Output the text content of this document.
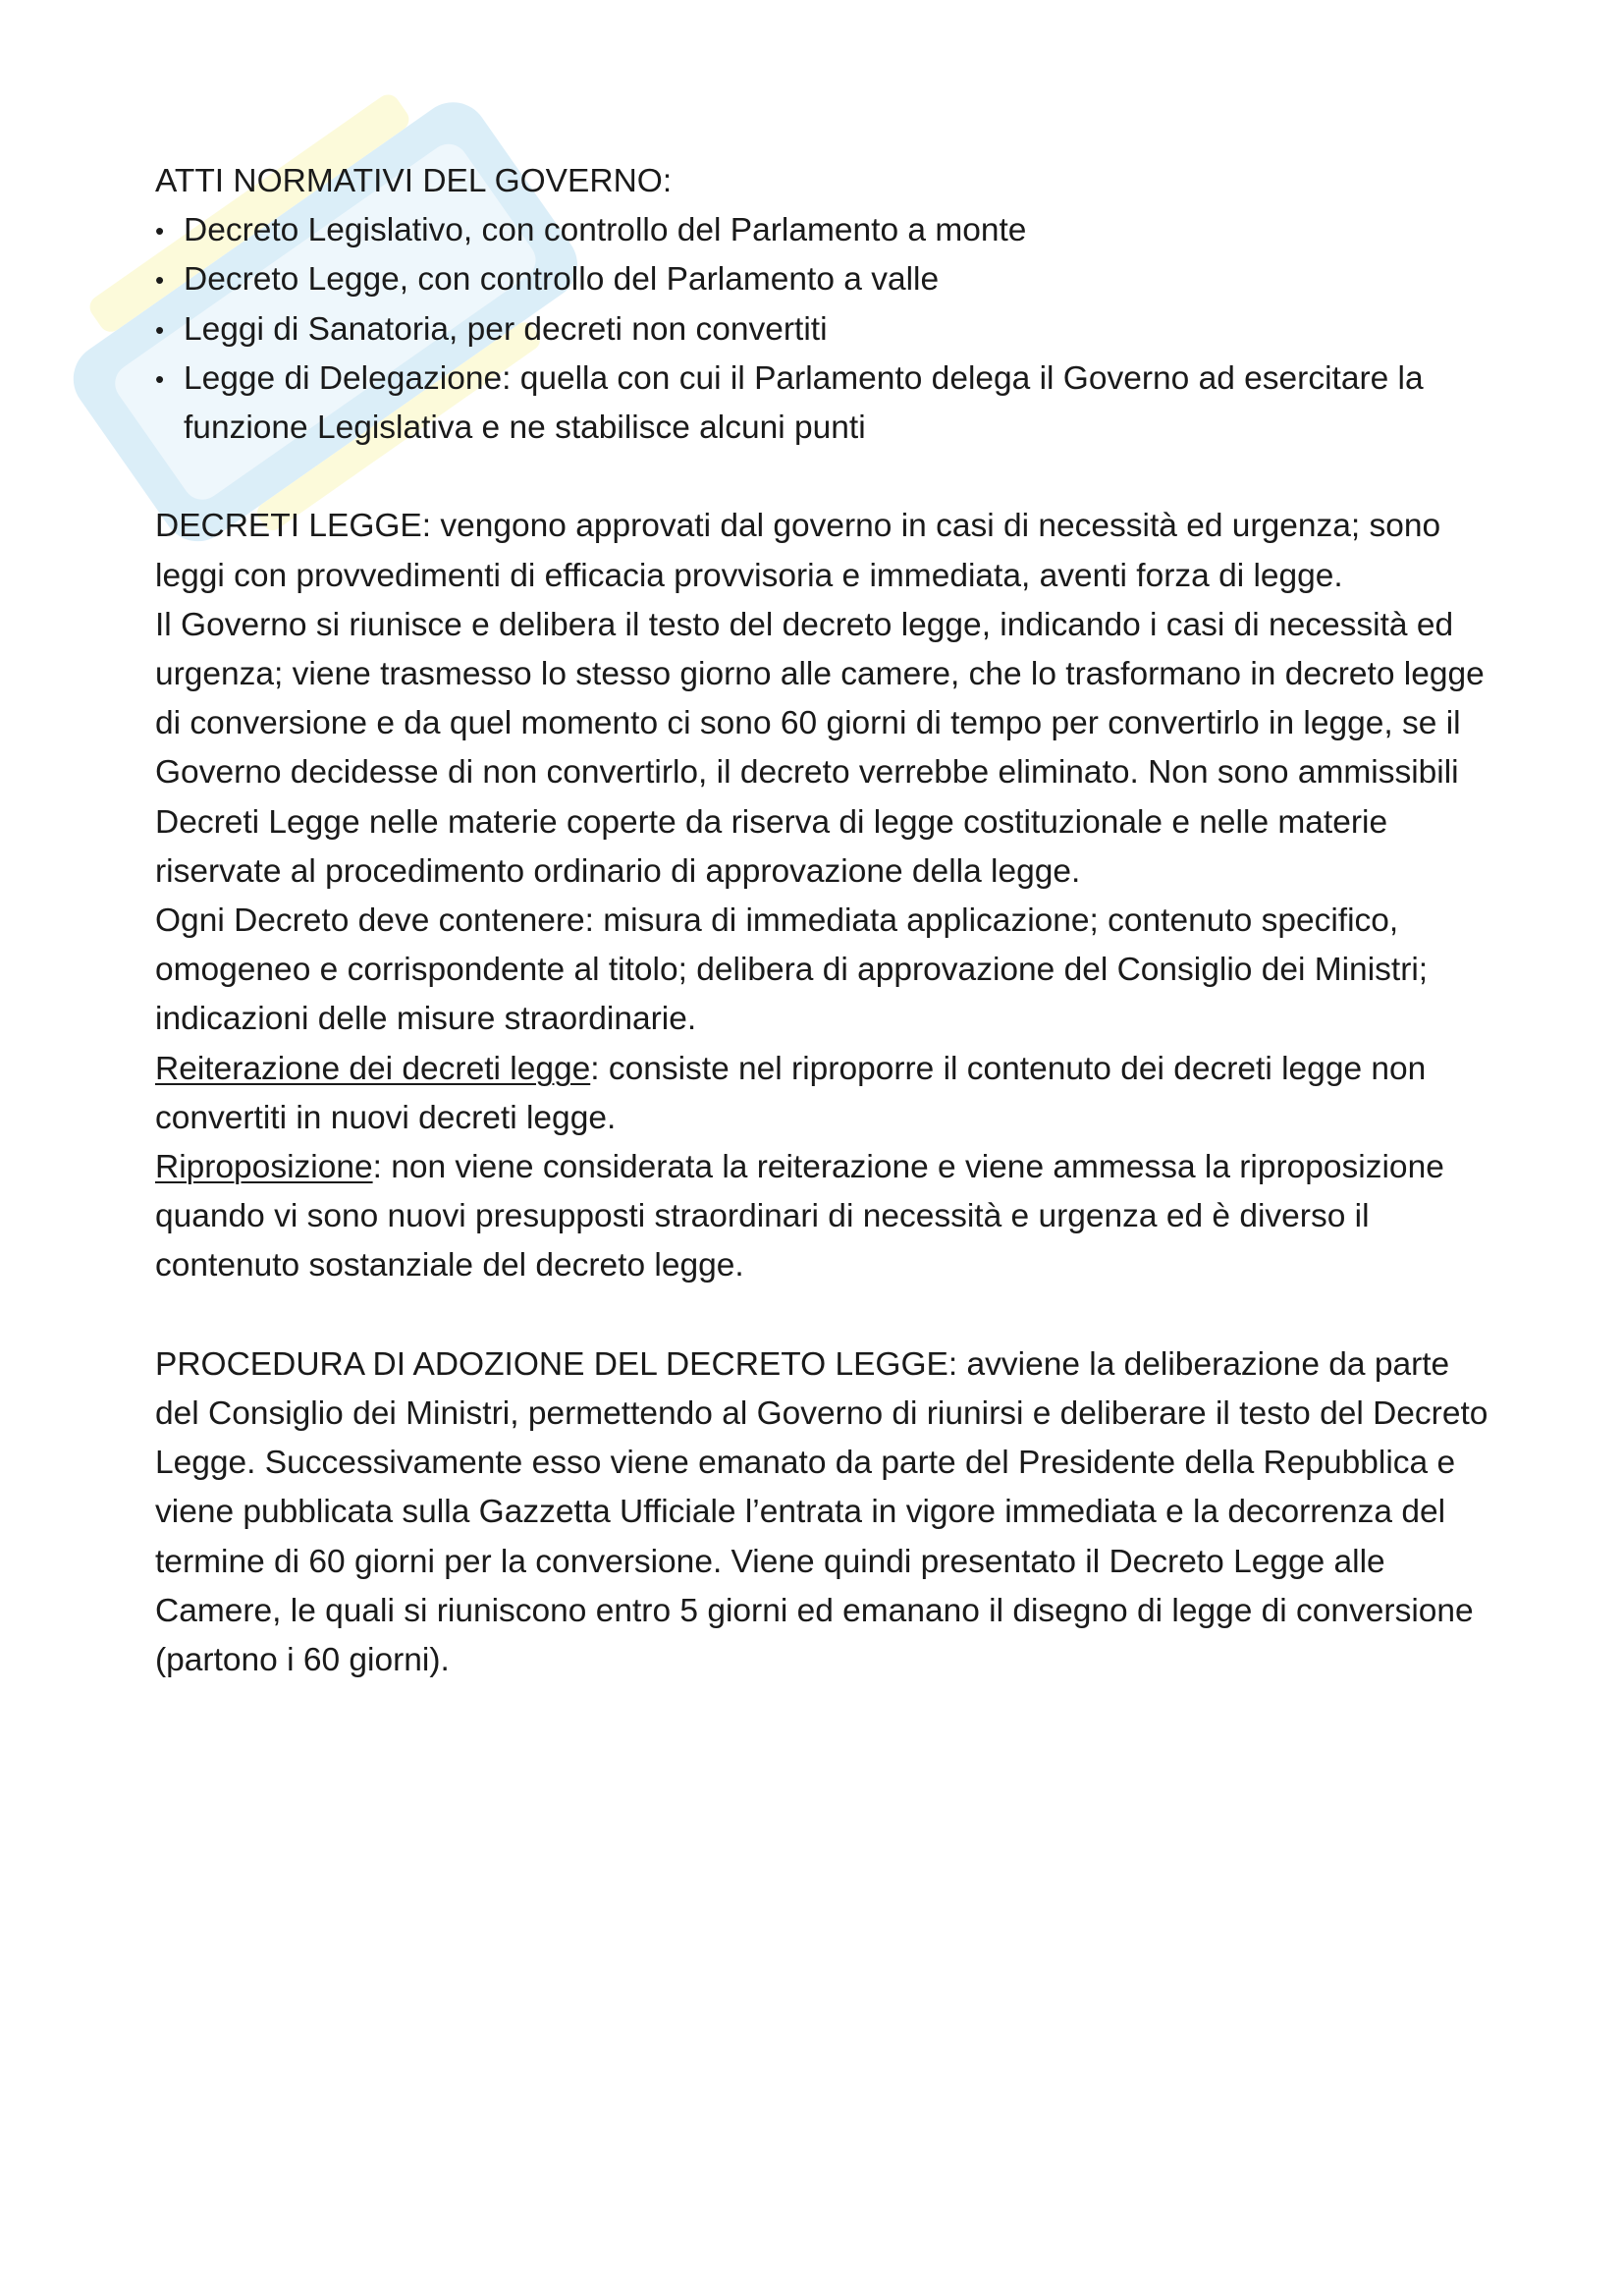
ATTI NORMATIVI DEL GOVERNO:

• Decreto Legislativo, con controllo del Parlamento a monte
• Decreto Legge, con controllo del Parlamento a valle
• Leggi di Sanatoria, per decreti non convertiti
• Legge di Delegazione: quella con cui il Parlamento delega il Governo ad esercitare la funzione Legislativa e ne stabilisce alcuni punti

DECRETI LEGGE: vengono approvati dal governo in casi di necessità ed urgenza; sono leggi con provvedimenti di efficacia provvisoria e immediata, aventi forza di legge.

Il Governo si riunisce e delibera il testo del decreto legge, indicando i casi di necessità ed urgenza; viene trasmesso lo stesso giorno alle camere, che lo trasformano in decreto legge di conversione e da quel momento ci sono 60 giorni di tempo per convertirlo in legge, se il Governo decidesse di non convertirlo, il decreto verrebbe eliminato. Non sono ammissibili Decreti Legge nelle materie coperte da riserva di legge costituzionale e nelle materie riservate al procedimento ordinario di approvazione della legge.

Ogni Decreto deve contenere: misura di immediata applicazione; contenuto specifico, omogeneo e corrispondente al titolo; delibera di approvazione del Consiglio dei Ministri; indicazioni delle misure straordinarie.

Reiterazione dei decreti legge: consiste nel riproporre il contenuto dei decreti legge non convertiti in nuovi decreti legge.

Riproposizione: non viene considerata la reiterazione e viene ammessa la riproposizione quando vi sono nuovi presupposti straordinari di necessità e urgenza ed è diverso il contenuto sostanziale del decreto legge.

PROCEDURA DI ADOZIONE DEL DECRETO LEGGE: avviene la deliberazione da parte del Consiglio dei Ministri, permettendo al Governo di riunirsi e deliberare il testo del Decreto Legge. Successivamente esso viene emanato da parte del Presidente della Repubblica e viene pubblicata sulla Gazzetta Ufficiale l’entrata in vigore immediata e la decorrenza del termine di 60 giorni per la conversione. Viene quindi presentato il Decreto Legge alle Camere, le quali si riuniscono entro 5 giorni ed emanano il disegno di legge di conversione (partono i 60 giorni).
